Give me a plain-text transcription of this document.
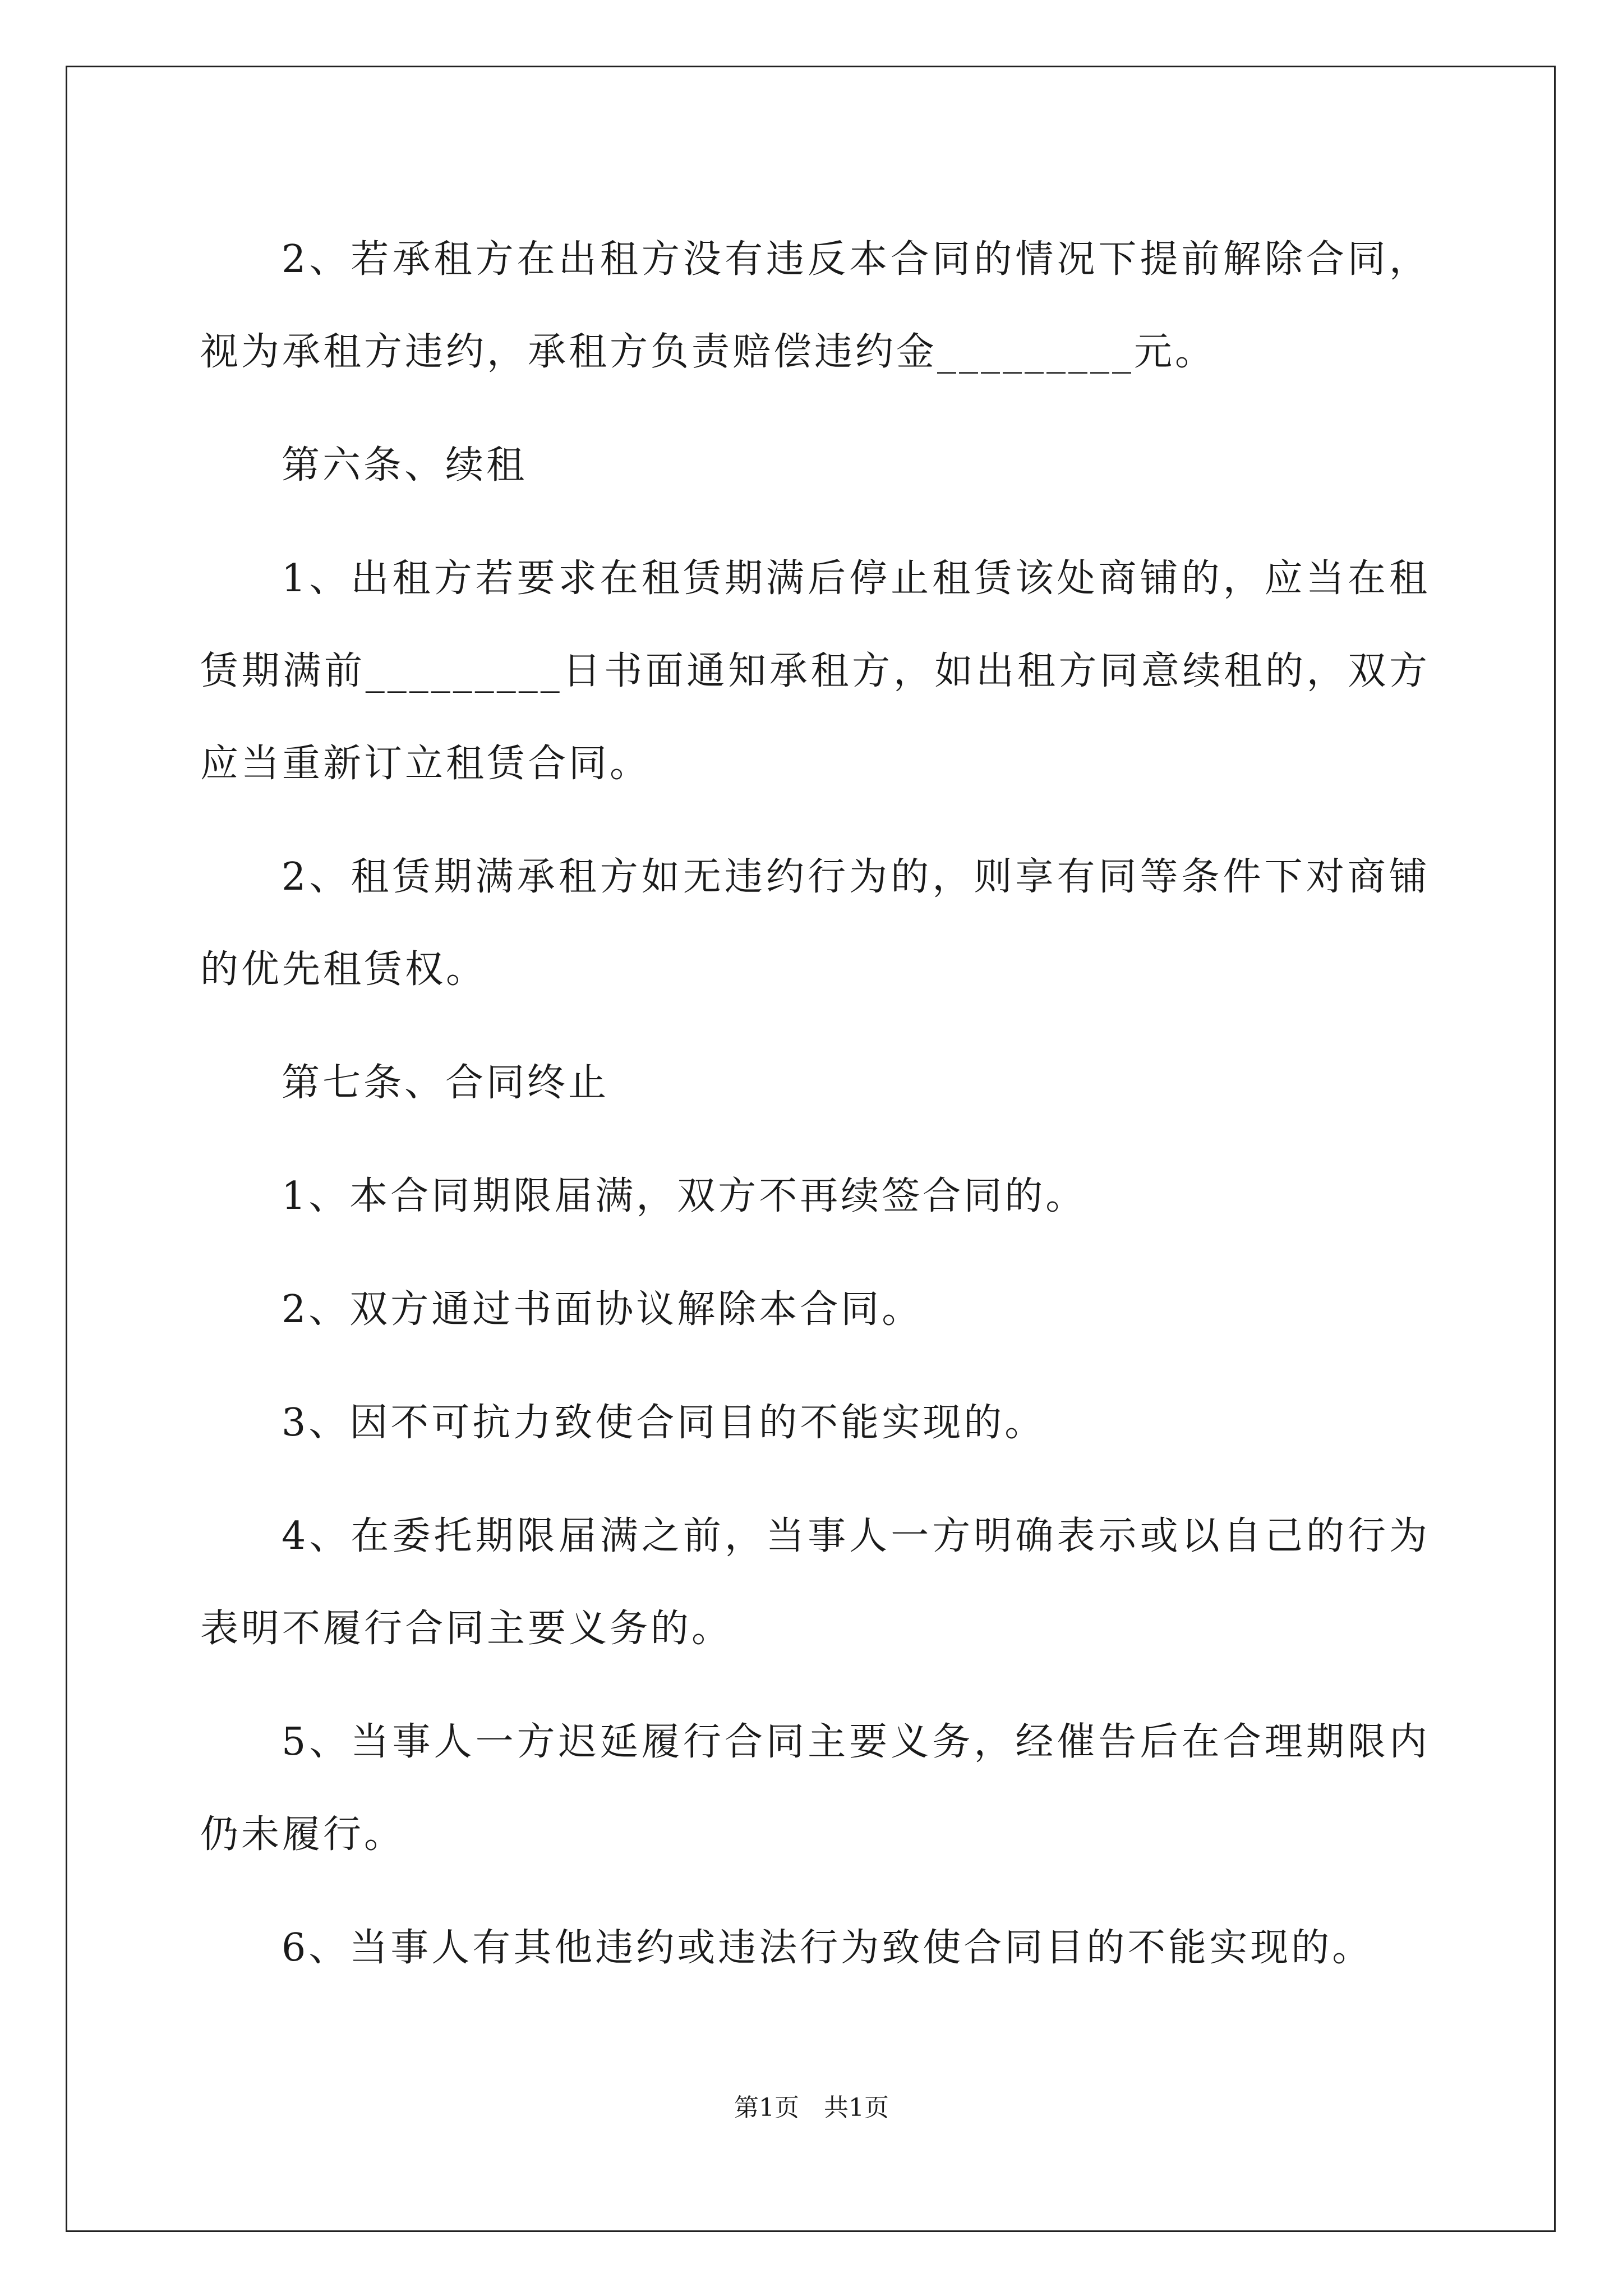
2、若承租方在出租方没有违反本合同的情况下提前解除合同，视为承租方违约，承租方负责赔偿违约金_________元。

第六条、续租

1、出租方若要求在租赁期满后停止租赁该处商铺的，应当在租赁期满前_________日书面通知承租方，如出租方同意续租的，双方应当重新订立租赁合同。

2、租赁期满承租方如无违约行为的，则享有同等条件下对商铺的优先租赁权。

第七条、合同终止

1、本合同期限届满，双方不再续签合同的。

2、双方通过书面协议解除本合同。

3、因不可抗力致使合同目的不能实现的。

4、在委托期限届满之前，当事人一方明确表示或以自己的行为表明不履行合同主要义务的。

5、当事人一方迟延履行合同主要义务，经催告后在合理期限内仍未履行。

6、当事人有其他违约或违法行为致使合同目的不能实现的。

第1页 共1页
